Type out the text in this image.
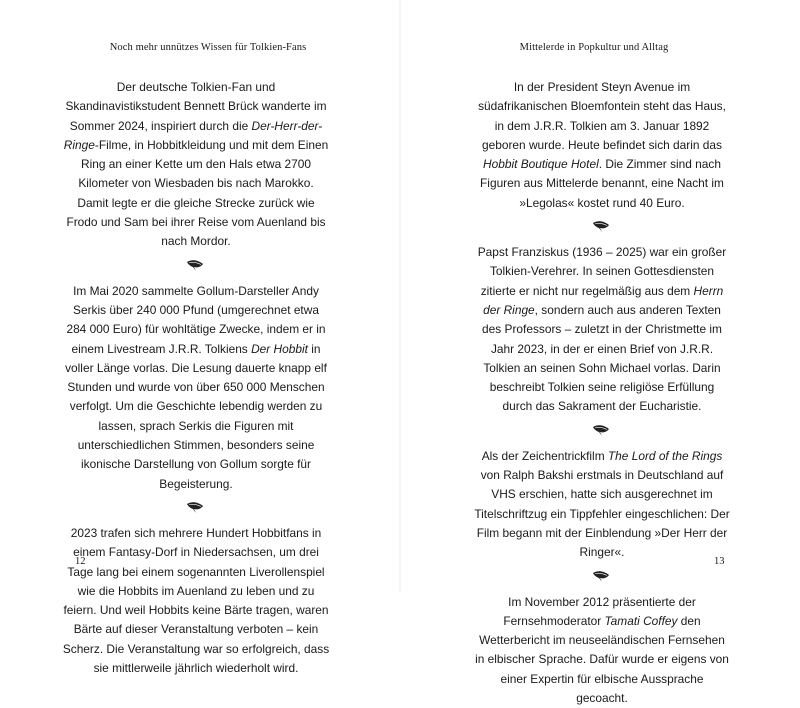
Noch mehr unnützes Wissen für Tolkien-Fans

Der deutsche Tolkien-Fan und Skandinavistikstudent Bennett Brück wanderte im Sommer 2024, inspiriert durch die Der-Herr-der-Ringe-Filme, in Hobbitkleidung und mit dem Einen Ring an einer Kette um den Hals etwa 2700 Kilometer von Wiesbaden bis nach Marokko. Damit legte er die gleiche Strecke zurück wie Frodo und Sam bei ihrer Reise vom Auenland bis nach Mordor.

Im Mai 2020 sammelte Gollum-Darsteller Andy Serkis über 240 000 Pfund (umgerechnet etwa 284 000 Euro) für wohltätige Zwecke, indem er in einem Livestream J.R.R. Tolkiens Der Hobbit in voller Länge vorlas. Die Lesung dauerte knapp elf Stunden und wurde von über 650 000 Menschen verfolgt. Um die Geschichte lebendig werden zu lassen, sprach Serkis die Figuren mit unterschiedlichen Stimmen, besonders seine ikonische Darstellung von Gollum sorgte für Begeisterung.

2023 trafen sich mehrere Hundert Hobbitfans in einem Fantasy-Dorf in Niedersachsen, um drei Tage lang bei einem sogenannten Liverollenspiel wie die Hobbits im Auenland zu leben und zu feiern. Und weil Hobbits keine Bärte tragen, waren Bärte auf dieser Veranstaltung verboten – kein Scherz. Die Veranstaltung war so erfolgreich, dass sie mittlerweile jährlich wiederholt wird.

12
Mittelerde in Popkultur und Alltag

In der President Steyn Avenue im südafrikanischen Bloemfontein steht das Haus, in dem J.R.R. Tolkien am 3. Januar 1892 geboren wurde. Heute befindet sich darin das Hobbit Boutique Hotel. Die Zimmer sind nach Figuren aus Mittelerde benannt, eine Nacht im »Legolas« kostet rund 40 Euro.

Papst Franziskus (1936 – 2025) war ein großer Tolkien-Verehrer. In seinen Gottesdiensten zitierte er nicht nur regelmäßig aus dem Herrn der Ringe, sondern auch aus anderen Texten des Professors – zuletzt in der Christmette im Jahr 2023, in der er einen Brief von J.R.R. Tolkien an seinen Sohn Michael vorlas. Darin beschreibt Tolkien seine religiöse Erfüllung durch das Sakrament der Eucharistie.

Als der Zeichentrickfilm The Lord of the Rings von Ralph Bakshi erstmals in Deutschland auf VHS erschien, hatte sich ausgerechnet im Titelschriftzug ein Tippfehler eingeschlichen: Der Film begann mit der Einblendung »Der Herr der Ringer«.

Im November 2012 präsentierte der Fernsehmoderator Tamati Coffey den Wetterbericht im neuseeländischen Fernsehen in elbischer Sprache. Dafür wurde er eigens von einer Expertin für elbische Aussprache gecoacht.

13
